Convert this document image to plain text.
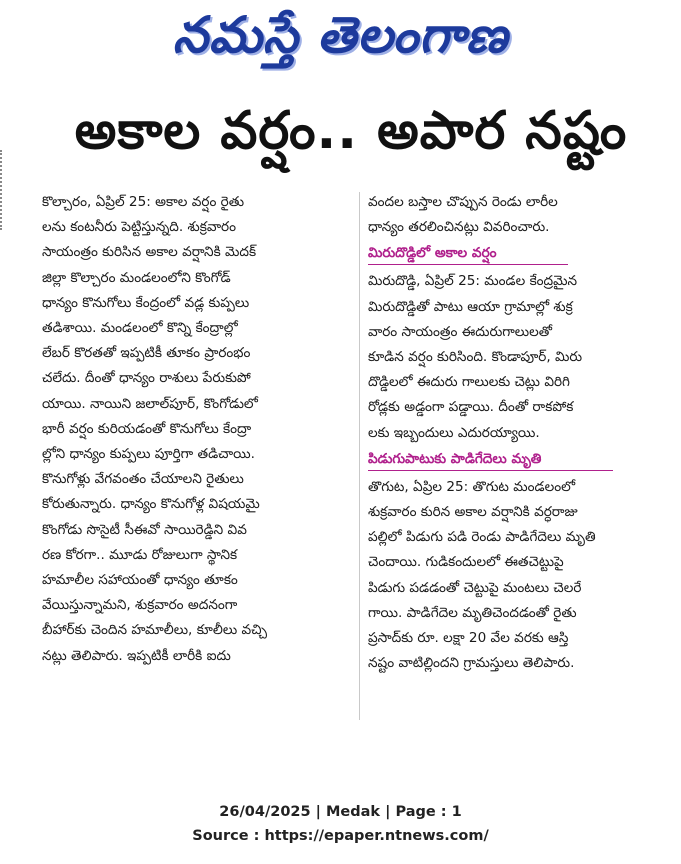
నమస్తే తెలంగాణ
అకాల వర్షం.. అపార నష్టం
కొల్చారం, ఏప్రిల్ 25: అకాల వర్షం రైతు
లను కంటనీరు పెట్టిస్తున్నది. శుక్రవారం
సాయంత్రం కురిసిన అకాల వర్షానికి మెదక్
జిల్లా కొల్చారం మండలంలోని కొంగోడ్
ధాన్యం కొనుగోలు కేంద్రంలో వడ్ల కుప్పలు
తడిశాయి. మండలంలో కొన్ని కేంద్రాల్లో
లేబర్ కొరతతో ఇప్పటికీ తూకం ప్రారంభం
చలేదు. దీంతో ధాన్యం రాశులు పేరుకుపో
యాయి. నాయిని జలాల్‌పూర్, కొంగోడులో
భారీ వర్షం కురియడంతో కొనుగోలు కేంద్రా
ల్లోని ధాన్యం కుప్పలు పూర్తిగా తడిచాయి.
కొనుగోళ్లు వేగవంతం చేయాలని రైతులు
కోరుతున్నారు. ధాన్యం కొనుగోళ్ల విషయమై
కొంగోడు సొసైటీ సీఈవో సాయిరెడ్డిని వివ
రణ కోరగా.. మూడు రోజులుగా స్థానిక
హమాలీల సహాయంతో ధాన్యం తూకం
వేయిస్తున్నామని, శుక్రవారం అదనంగా
బీహార్‌కు చెందిన హమాలీలు, కూలీలు వచ్చి
నట్లు తెలిపారు. ఇప్పటికీ లారీకి ఐదు
వందల బస్తాల చొప్పున రెండు లారీల
ధాన్యం తరలించినట్లు వివరించారు.
మిరుదొడ్డిలో అకాల వర్షం
మిరుదొడ్డి, ఏప్రిల్ 25: మండల కేంద్రమైన
మిరుదొడ్డితో పాటు ఆయా గ్రామాల్లో శుక్ర
వారం సాయంత్రం ఈదురుగాలులతో
కూడిన వర్షం కురిసింది. కొండాపూర్, మిరు
దొడ్డిలలో ఈదురు గాలులకు చెట్లు విరిగి
రోడ్లకు అడ్డంగా పడ్డాయి. దీంతో రాకపోక
లకు ఇబ్బందులు ఎదురయ్యాయి.
పిడుగుపాటుకు పాడిగేదెలు మృతి
తొగుట, ఏప్రిల 25: తొగుట మండలంలో
శుక్రవారం కురిన అకాల వర్షానికి వర్ధరాజు
పల్లిలో పిడుగు పడి రెండు పాడిగేదెలు మృతి
చెందాయి. గుడికందులలో ఈతచెట్టుపై
పిడుగు పడడంతో చెట్టుపై మంటలు చెలరే
గాయి. పాడిగేదెల మృతిచెందడంతో రైతు
ప్రసాద్‌కు రూ. లక్షా 20 వేల వరకు ఆస్తి
నష్టం వాటిల్లిందని గ్రామస్తులు తెలిపారు.
26/04/2025 | Medak | Page : 1
Source : https://epaper.ntnews.com/
